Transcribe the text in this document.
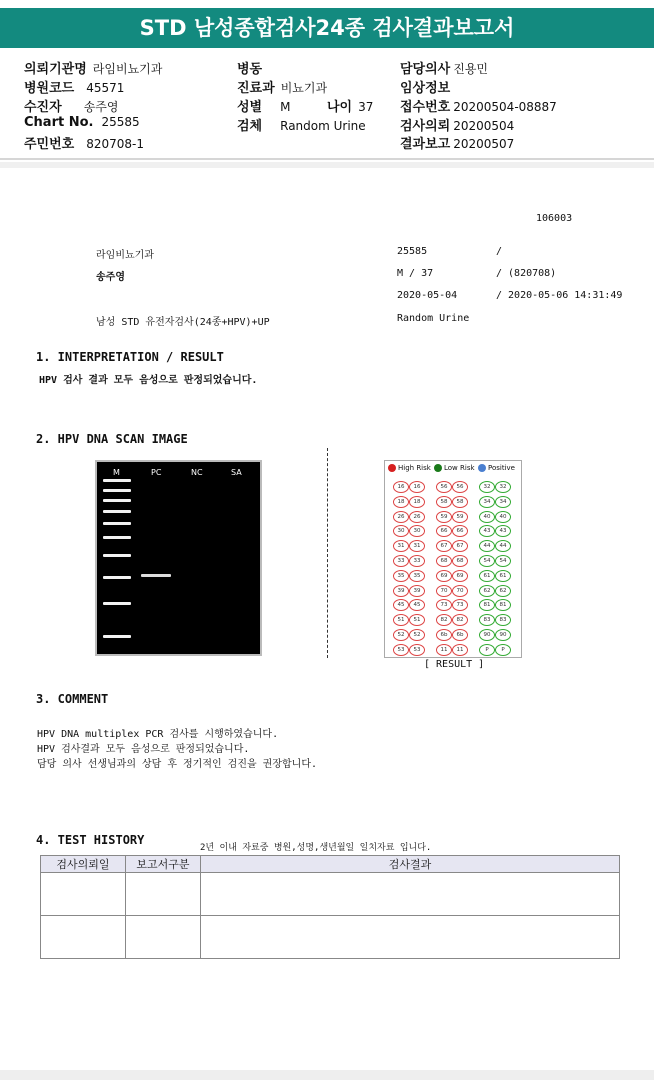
STD 남성종합검사24종 검사결과보고서
의뢰기관명 라임비뇨기과
병원코드 45571
수진자 송주영
Chart No. 25585
주민번호 820708-1
병동
진료과 비뇨기과
성별 M	나이 37
검체 Random Urine
담당의사 진용민
임상정보
접수번호 20200504-08887
검사의뢰 20200504
결과보고 20200507
106003
라임비뇨기과	25585	/
송주영	M / 37	/ (820708)
2020-05-04	/ 2020-05-06 14:31:49
남성 STD 유전자검사(24종+HPV)+UP	Random Urine
1. INTERPRETATION / RESULT
HPV 검사 결과 모두 음성으로 판정되었습니다.
2. HPV DNA SCAN IMAGE
M	PC	NC	SA	High Risk	Low Risk	Positive
16	16	56	56	32	32
18	18	58	58	34	34
26	26	59	59	40	40
30	30	66	66	43	43
31	31	67	67	44	44
33	33	68	68	54	54
35	35	69	69	61	61
39	39	70	70	62	62
45	45	73	73	81	81
51	51	82	82	83	83
52	52	6b	6b	90	90
53	53	11	11	P	P
[ RESULT ]
3. COMMENT
HPV DNA multiplex PCR 검사를 시행하였습니다.
HPV 검사결과 모두 음성으로 판정되었습니다.
담당 의사 선생님과의 상담 후 정기적인 검진을 권장합니다.
4. TEST HISTORY
2년 이내 자료중 병원,성명,생년월일 일치자료 입니다.
검사의뢰일	보고서구분	검사결과
